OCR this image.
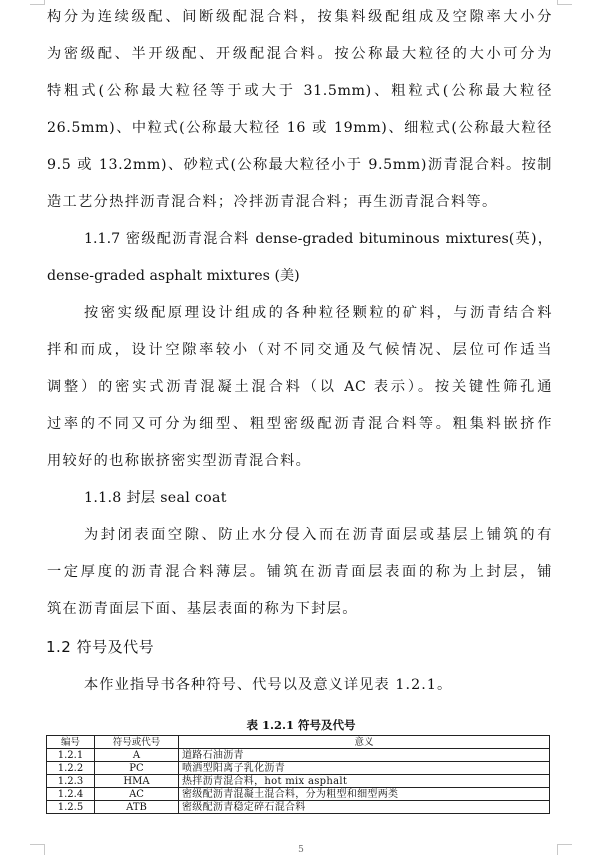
构分为连续级配、间断级配混合料，按集料级配组成及空隙率大小分
为密级配、半开级配、开级配混合料。按公称最大粒径的大小可分为
特粗式(公称最大粒径等于或大于 31.5mm)、粗粒式(公称最大粒径
26.5mm)、中粒式(公称最大粒径 16 或 19mm)、细粒式(公称最大粒径
9.5 或 13.2mm)、砂粒式(公称最大粒径小于 9.5mm)沥青混合料。按制
造工艺分热拌沥青混合料；冷拌沥青混合料；再生沥青混合料等。
1.1.7 密级配沥青混合料 dense-graded bituminous mixtures(英)，
dense-graded asphalt mixtures (美)
按密实级配原理设计组成的各种粒径颗粒的矿料，与沥青结合料
拌和而成，设计空隙率较小（对不同交通及气候情况、层位可作适当
调整）的密实式沥青混凝土混合料（以 AC 表示）。按关键性筛孔通
过率的不同又可分为细型、粗型密级配沥青混合料等。粗集料嵌挤作
用较好的也称嵌挤密实型沥青混合料。
1.1.8 封层 seal coat
为封闭表面空隙、防止水分侵入而在沥青面层或基层上铺筑的有
一定厚度的沥青混合料薄层。铺筑在沥青面层表面的称为上封层，铺
筑在沥青面层下面、基层表面的称为下封层。
1.2 符号及代号
本作业指导书各种符号、代号以及意义详见表 1.2.1。
表 1.2.1 符号及代号
编号	符号或代号	意义
1.2.1	A	道路石油沥青
1.2.2	PC	喷洒型阳离子乳化沥青
1.2.3	HMA	热拌沥青混合料，hot mix asphalt
1.2.4	AC	密级配沥青混凝土混合料，分为粗型和细型两类
1.2.5	ATB	密级配沥青稳定碎石混合料
5
